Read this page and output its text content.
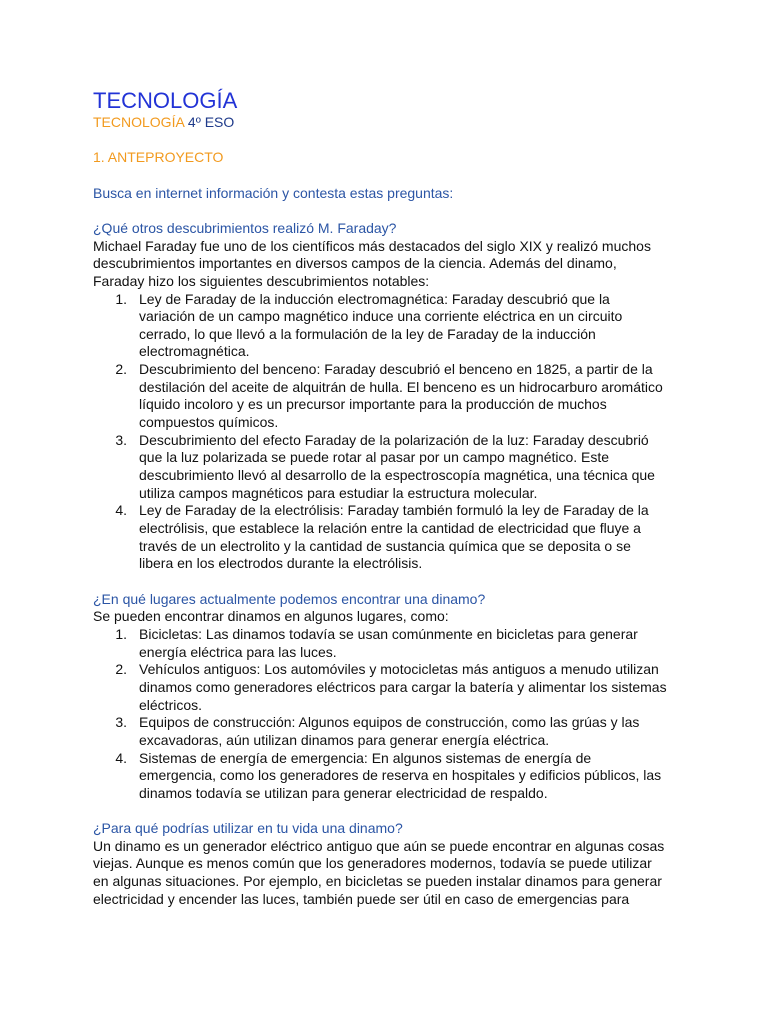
TECNOLOGÍA
TECNOLOGÍA 4º ESO
1. ANTEPROYECTO
Busca en internet información y contesta estas preguntas:
¿Qué otros descubrimientos realizó M. Faraday?
Michael Faraday fue uno de los científicos más destacados del siglo XIX y realizó muchos
descubrimientos importantes en diversos campos de la ciencia. Además del dinamo,
Faraday hizo los siguientes descubrimientos notables:
1. Ley de Faraday de la inducción electromagnética: Faraday descubrió que la
variación de un campo magnético induce una corriente eléctrica en un circuito
cerrado, lo que llevó a la formulación de la ley de Faraday de la inducción
electromagnética.
2. Descubrimiento del benceno: Faraday descubrió el benceno en 1825, a partir de la
destilación del aceite de alquitrán de hulla. El benceno es un hidrocarburo aromático
líquido incoloro y es un precursor importante para la producción de muchos
compuestos químicos.
3. Descubrimiento del efecto Faraday de la polarización de la luz: Faraday descubrió
que la luz polarizada se puede rotar al pasar por un campo magnético. Este
descubrimiento llevó al desarrollo de la espectroscopía magnética, una técnica que
utiliza campos magnéticos para estudiar la estructura molecular.
4. Ley de Faraday de la electrólisis: Faraday también formuló la ley de Faraday de la
electrólisis, que establece la relación entre la cantidad de electricidad que fluye a
través de un electrolito y la cantidad de sustancia química que se deposita o se
libera en los electrodos durante la electrólisis.
¿En qué lugares actualmente podemos encontrar una dinamo?
Se pueden encontrar dinamos en algunos lugares, como:
1. Bicicletas: Las dinamos todavía se usan comúnmente en bicicletas para generar
energía eléctrica para las luces.
2. Vehículos antiguos: Los automóviles y motocicletas más antiguos a menudo utilizan
dinamos como generadores eléctricos para cargar la batería y alimentar los sistemas
eléctricos.
3. Equipos de construcción: Algunos equipos de construcción, como las grúas y las
excavadoras, aún utilizan dinamos para generar energía eléctrica.
4. Sistemas de energía de emergencia: En algunos sistemas de energía de
emergencia, como los generadores de reserva en hospitales y edificios públicos, las
dinamos todavía se utilizan para generar electricidad de respaldo.
¿Para qué podrías utilizar en tu vida una dinamo?
Un dinamo es un generador eléctrico antiguo que aún se puede encontrar en algunas cosas
viejas. Aunque es menos común que los generadores modernos, todavía se puede utilizar
en algunas situaciones. Por ejemplo, en bicicletas se pueden instalar dinamos para generar
electricidad y encender las luces, también puede ser útil en caso de emergencias para
